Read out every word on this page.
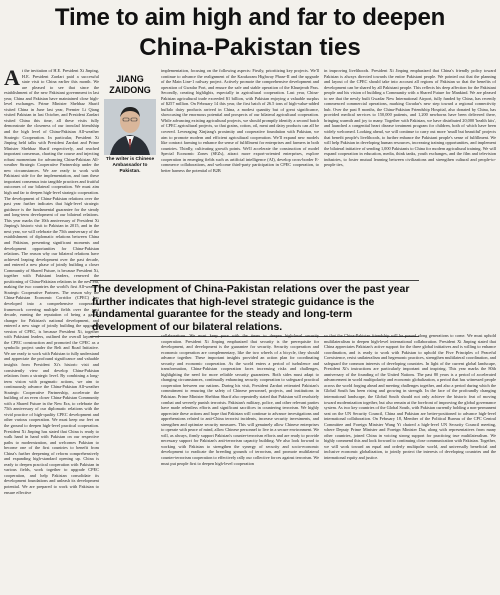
Time to aim high and far to deepen
China-Pakistan ties
A t the invitation of H.E. President Xi Jinping, H.E. President Zardari paid a successful state visit to China earlier this month. We are pleased to see that since the establishment of the new Pakistani government in last year, China and Pakistan have maintained close high-level exchanges. Prime Minister Shehbaz Sharif visited China in June last year, Premier Li Qiang visited Pakistan in last October, and President Zardari visited China this time, all these visits fully demonstrate the closeness of our ironclad friendship and the high level of China-Pakistan All-weather Strategic Cooperation. In particular, President Xi Jinping held talks with President Zardari and Prime Minister Shehbaz Sharif respectively, and reached important consensus, charting the course and injecting robust momentum for advancing China-Pakistan All-weather Strategic Cooperative Partnership under the new circumstances. We are ready to work with Pakistani side for the implementation, and turn these important consensus into tangible practices and fruitful outcomes of our bilateral cooperation. We must aim high and far to deepen high-level strategic cooperation. The development of China-Pakistan relations over the past year further indicates that high-level strategic guidance is the fundamental guarantee for the steady and long-term development of our bilateral relations. This year marks the 10th anniversary of President Xi Jinping's historic visit to Pakistan in 2015, and in the next year, we will celebrate the 75th anniversary of the establishment of diplomatic relations between China and Pakistan, presenting significant moments and development opportunities for China-Pakistan relations. The reason why our bilateral relations have achieved leaping development over the past decade, and entered a new phase of jointly building a closer Community of Shared Future, is because President Xi, together with Pakistani leaders, renewed the positioning of China-Pakistan relations in the new era, making the two countries the world's first All-weather Strategic Cooperative Partners. The reason why the China-Pakistan Economic Corridor (CPEC) has developed into a comprehensive cooperation framework covering multiple fields over the past decade, earning the reputation of being a game-changer for Pakistan's national development, and entered a new stage of jointly building the upgraded version of CPEC, is because President Xi, together with Pakistani leaders, outlined the overall layout of the CPEC construction and promoted the CPEC as a symbolic project under the Belt and Road Initiative. We are ready to work with Pakistan to fully understand and appreciate the profound significance and valuable insights from President Xi's historic visit and consistently view and develop China-Pakistan relations from a strategic level. By combining a long-term vision with pragmatic actions, we aim to continuously advance the China-Pakistan All-weather Strategic Cooperative Partnership, accelerate the building of an even closer China-Pakistan Community with a Shared Future in the New Era, to celebrate the 75th anniversary of our diplomatic relations with the vivid practice of high-quality CPEC development and other various cooperation. We must keep our feet on the ground to deepen high-level practical cooperation. President Xi Jinping has stated that China is ready to walk hand in hand with Pakistan on our respective paths to modernization, and welcomes Pakistan to become one of the first countries to benefit from China's further deepening of reform comprehensively and expanding high-standard opening up. China is ready to deepen practical cooperation with Pakistan in various fields, work together to upgrade CPEC cooperation, and help Pakistan consolidate its development foundations and unleash its development potential. We are prepared to work with Pakistan to ensure effective
JIANG
ZAIDONG
The writer is Chinese Ambassador to Pakistan.
implementation, focusing on the following aspects: Firstly, prioritizing key projects. We'll continue to advance the realignment of the Karakoram Highway Phase-II and the upgrade of the Main Line-1 railway project. Actively promote the comprehensive development and operation of Gwadar Port, and ensure the safe and stable operation of the Khunjerab Pass. Secondly, creating highlights, especially in agricultural cooperation. Last year, China-Pakistan agricultural trade exceeded $1 billion, with Pakistan enjoying a valuable surplus of $257 million. On February 14 this year, the first batch of 26.5 tons of high-value-added buffalo dairy products arrived in China, a modest quantity but of great significance, showcasing the enormous potential and prospects of our bilateral agricultural cooperation. While advancing existing agricultural projects, we should promptly identify a second batch of CPEC agricultural projects, so that grains, cotton, oil, meat and dairy products can all be covered. Leveraging Xinjiang's proximity and cooperative foundation with Pakistan, we aim to promote modern and efficient agricultural cooperation. We'll expand new models like contract farming to enhance the sense of fulfillment for enterprises and farmers in both countries. Thirdly, cultivating growth points. We'll accelerate the construction of model Special Economic Zones (SEZs), attract more export-oriented enterprises, explore cooperation in emerging fields such as artificial intelligence (AI), develop cross-border E-commerce collaborations, and welcome third-party participation in CPEC cooperation, to better harness the potential of B2B
in improving livelihoods. President Xi Jinping emphasized that China's friendly policy toward Pakistan is always directed towards the entire Pakistani people. We pointed out that the planning and layout of the CPEC should take into account all regions of Pakistan so that the benefits of development can be shared by all Pakistani people. This reflects his deep affection for the Pakistani people and his vision of building a Community with a Shared Future for Mankind. We are pleased to see that the newly built Gwadar New International Airport, fully funded by China, has recently commenced commercial operations, marking Gwadar's new step toward a regional connectivity hub. Over the past 8 months, the China-Pakistan Friendship Hospital, also donated by China, has provided medical services to 150,000 patients, and 1,200 newborns have been delivered there, bringing warmth and joy to many. Together with Pakistan, we have distributed 20,000 'health kits', and launched a congenital heart disease treatment program for children, both of which have been widely welcomed. Looking ahead, we will continue to carry out more 'small but beautiful' projects that benefit people's livelihoods, to further enhance the Pakistani people's sense of fulfillment. We will help Pakistan in developing human resources, increasing training opportunities, and implement the bilateral initiative of sending 1,000 Pakistanis to China for modern agricultural training. We will expand cooperation in education, media, think tanks, youth exchanges, and the film and television industries, to foster mutual learning between civilizations and strengthen cultural and people-to-people ties,
The development of China-Pakistan relations over the past year further indicates that high-level strategic guidance is the fundamental guarantee for the steady and long-term development of our bilateral relations.
collaborations. We must keep pace with the times to deepen high-level security cooperation. President Xi Jinping emphasized that security is the prerequisite for development, and development is the guarantee for security. Security cooperation and economic cooperation are complementary, like the two wheels of a bicycle, they should advance together. These important insights provided an action plan for coordinating security and economic cooperation. As the world enters a period of turbulence and transformation, China-Pakistan cooperation faces increasing risks and challenges, highlighting the need for more reliable security guarantees. Both sides must adapt to changing circumstances, continually enhancing security cooperation to safeguard practical cooperation between our nations. During his visit, President Zardari reiterated Pakistan's commitment to ensuring the safety of Chinese personnel, projects, and institutions in Pakistan. Prime Minister Shehbaz Sharif also repeatedly stated that Pakistan will resolutely combat and severely punish terrorists. Pakistan's military, police, and other relevant parties have made relentless efforts and significant sacrifices in countering terrorism. We highly appreciate these actions and hope that Pakistan will continue to advance investigations and apprehensions related to anti-China terrorist incidents, increase security investments, and strengthen and optimize security measures. This will genuinely allow Chinese enterprises to operate with peace of mind, allow Chinese personnel to live in a secure environment. We will, as always, firmly support Pakistan's counter-terrorism efforts and are ready to provide necessary support for Pakistan's anti-terrorism capacity building. We also look forward to working with Pakistan to strengthen the synergy of security and socio-economic development to eradicate the breeding grounds of terrorism, and promote multilateral counter-terrorism cooperation to effectively rally our collective forces against terrorism. We must put people first to deepen high-level cooperation
so that the China-Pakistan friendship will be passed along generations to come. We must uphold multilateralism to deepen high-level international collaboration. President Xi Jinping stated that China appreciates Pakistan's active support for the three global initiatives and is willing to enhance coordination, and is ready to work with Pakistan to uphold the Five Principles of Peaceful Coexistence, resist unilateralism and hegemonic practices, strengthen multilateral coordination, and safeguard the common interests of developing countries. In light of the current global landscape, President Xi's instructions are particularly important and inspiring. This year marks the 80th anniversary of the founding of the United Nations. The past 80 years is a period of accelerated advancement in world multipolarity and economic globalization, a period that has witnessed people across the world forging ahead and meeting challenges together, and also a period during which the Global South has been rising and growing in strength. In the face of the profoundly changing international landscape, the Global South should not only achieve the historic feat of moving toward modernization together, but also remain at the forefront of improving the global governance system. As two key countries of the Global South, with Pakistan currently holding a non-permanent seat on the UN Security Council, China and Pakistan are better-positioned to advance high-level international collaboration. On February 18, Member of the Political Bureau of the CPC Central Committee and Foreign Minister Wang Yi chaired a high-level UN Security Council meeting, where Deputy Prime Minister and Foreign Minister Dar, along with representatives from many other countries, joined China in voicing strong support for practicing true multilateralism. We highly commend this and look forward to continuing close communication with Pakistan. Together, we will work toward an equal and orderly multipolar world, and universally beneficial and inclusive economic globalization, to jointly protect the interests of developing countries and the international equity and justice.
